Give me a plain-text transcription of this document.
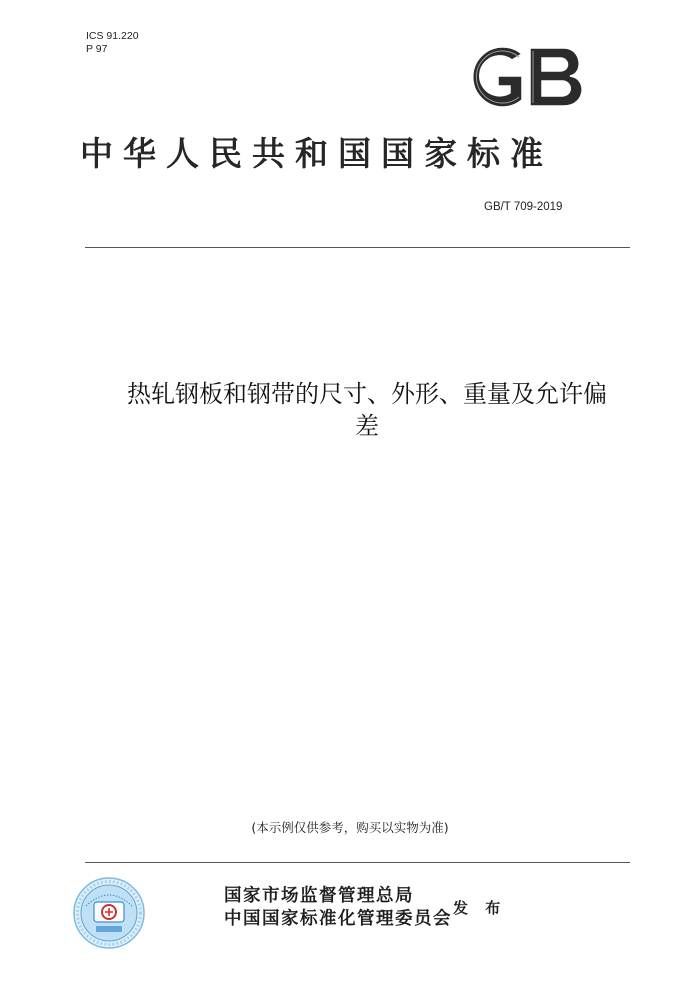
ICS 91.220
P 97
中华人民共和国国家标准
GB/T 709-2019
热轧钢板和钢带的尺寸、外形、重量及允许偏
差
(本示例仅供参考，购买以实物为准)
国家市场监督管理总局
中国国家标准化管理委员会
发 布
